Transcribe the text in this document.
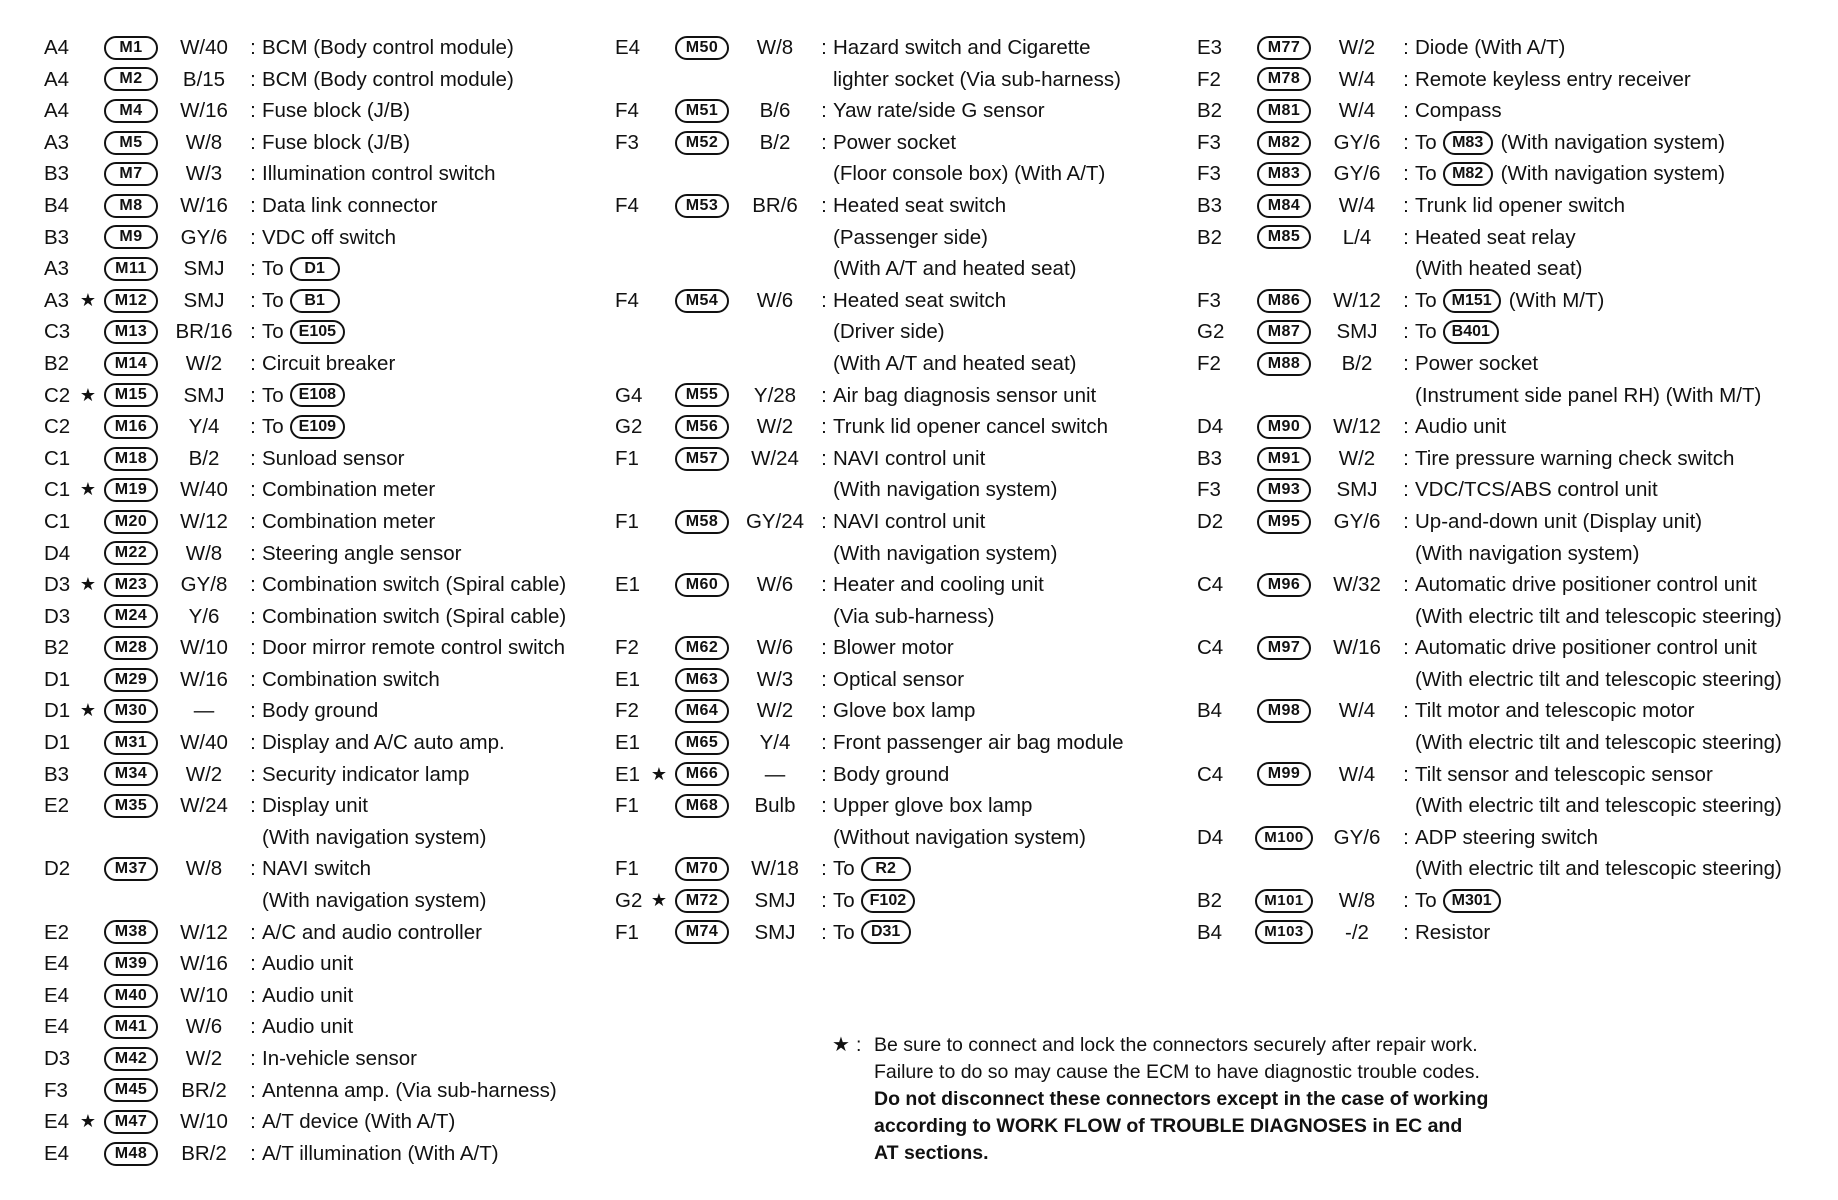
A4	M1	W/40	: BCM (Body control module)
A4	M2	B/15	: BCM (Body control module)
A4	M4	W/16	: Fuse block (J/B)
A3	M5	W/8	: Fuse block (J/B)
B3	M7	W/3	: Illumination control switch
B4	M8	W/16	: Data link connector
B3	M9	GY/6	: VDC off switch
A3	M11	SMJ	: To	D1
A3 ★	M12	SMJ	: To	B1
C3	M13	BR/16 : To E105
B2	M14	W/2	: Circuit breaker
C2 ★	M15	SMJ	: To E108
C2	M16	Y/4	: To E109
C1	M18	B/2	: Sunload sensor
C1 ★	M19	W/40	: Combination meter
C1	M20	W/12	: Combination meter
D4	M22	W/8	: Steering angle sensor
D3 ★	M23	GY/8	: Combination switch (Spiral cable)
D3	M24	Y/6	: Combination switch (Spiral cable)
B2	M28	W/10	: Door mirror remote control switch
D1	M29	W/16	: Combination switch
D1 ★	M30	—	: Body ground
D1	M31	W/40	: Display and A/C auto amp.
B3	M34	W/2	: Security indicator lamp
E2	M35	W/24	: Display unit
(With navigation system)
D2	M37	W/8	: NAVI switch
(With navigation system)
E2	M38	W/12	: A/C and audio controller
E4	M39	W/16	: Audio unit
E4	M40	W/10	: Audio unit
E4	M41	W/6	: Audio unit
D3	M42	W/2	: In-vehicle sensor
F3	M45	BR/2	: Antenna amp. (Via sub-harness)
E4 ★	M47	W/10	: A/T device (With A/T)
E4	M48	BR/2	: A/T illumination (With A/T)
E4	M50	W/8	: Hazard switch and Cigarette
lighter socket (Via sub-harness)
F4	M51	B/6	: Yaw rate/side G sensor
F3	M52	B/2	: Power socket
(Floor console box) (With A/T)
F4	M53	BR/6	: Heated seat switch
(Passenger side)
(With A/T and heated seat)
F4	M54	W/6	: Heated seat switch
(Driver side)
(With A/T and heated seat)
G4	M55	Y/28	: Air bag diagnosis sensor unit
G2	M56	W/2	: Trunk lid opener cancel switch
F1	M57	W/24	: NAVI control unit
(With navigation system)
F1	M58	GY/24 : NAVI control unit
(With navigation system)
E1	M60	W/6	: Heater and cooling unit
(Via sub-harness)
F2	M62	W/6	: Blower motor
E1	M63	W/3	: Optical sensor
F2	M64	W/2	: Glove box lamp
E1	M65	Y/4	: Front passenger air bag module
E1 ★	M66	—	: Body ground
F1	M68	Bulb	: Upper glove box lamp
(Without navigation system)
F1	M70	W/18	: To	R2
G2 ★	M72	SMJ	: To F102
F1	M74	SMJ	: To	D31
E3	M77	W/2	: Diode (With A/T)
F2	M78	W/4	: Remote keyless entry receiver
B2	M81	W/4	: Compass
F3	M82	GY/6	: To M83 (With navigation system)
F3	M83	GY/6	: To M82 (With navigation system)
B3	M84	W/4	: Trunk lid opener switch
B2	M85	L/4	: Heated seat relay
(With heated seat)
F3	M86	W/12	: To M151 (With M/T)
G2	M87	SMJ	: To B401
F2	M88	B/2	: Power socket
(Instrument side panel RH) (With M/T)
D4	M90	W/12	: Audio unit
B3	M91	W/2	: Tire pressure warning check switch
F3	M93	SMJ	: VDC/TCS/ABS control unit
D2	M95	GY/6	: Up-and-down unit (Display unit)
(With navigation system)
C4	M96	W/32	: Automatic drive positioner control unit
(With electric tilt and telescopic steering)
C4	M97	W/16	: Automatic drive positioner control unit
(With electric tilt and telescopic steering)
B4	M98	W/4	: Tilt motor and telescopic motor
(With electric tilt and telescopic steering)
C4	M99	W/4	: Tilt sensor and telescopic sensor
(With electric tilt and telescopic steering)
D4	M100	GY/6	: ADP steering switch
(With electric tilt and telescopic steering)
B2	M101	W/8	: To M301
B4	M103	-/2	: Resistor
★ : Be sure to connect and lock the connectors securely after repair work.
Failure to do so may cause the ECM to have diagnostic trouble codes.
Do not disconnect these connectors except in the case of working
according to WORK FLOW of TROUBLE DIAGNOSES in EC and
AT sections.
